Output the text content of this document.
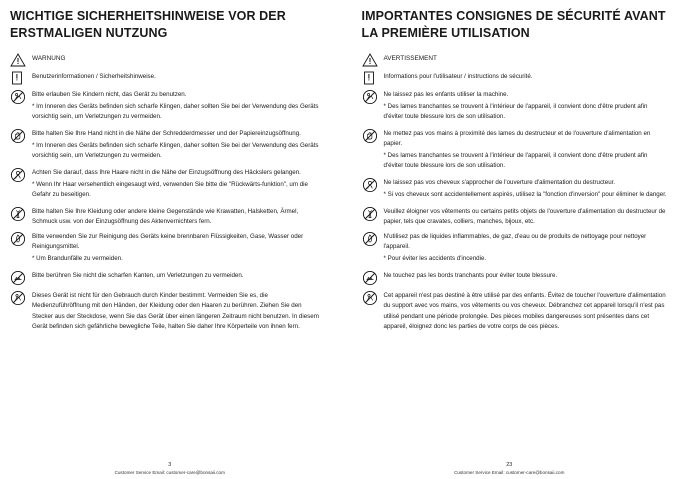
WICHTIGE SICHERHEITSHINWEISE VOR DER ERSTMALIGEN NUTZUNG
WARNUNG
Benutzerinformationen / Sicherheitshinweise.

Bitte erlauben Sie Kindern nicht, das Gerät zu benutzen.

* Im Inneren des Geräts befinden sich scharfe Klingen, daher sollten Sie bei der Verwendung des Geräts vorsichtig sein, um Verletzungen zu vermeiden.

Bitte halten Sie Ihre Hand nicht in die Nähe der Schredderdmesser und der Papiereinzugsöffnung.

* Im Inneren des Geräts befinden sich scharfe Klingen, daher sollten Sie bei der Verwendung des Geräts vorsichtig sein, um Verletzungen zu vermeiden.

Achten Sie darauf, dass Ihre Haare nicht in die Nähe der Einzugsöffnung des Häckslers gelangen.

* Wenn Ihr Haar versehentlich eingesaugt wird, verwenden Sie bitte die "Rückwärts-funktion", um die Gefahr zu beseitigen.

Bitte halten Sie Ihre Kleidung oder andere kleine Gegenstände wie Krawatten, Halsketten, Ärmel, Schmuck usw. von der Einzugsöffnung des Aktenvernichters fern.

Bitte verwenden Sie zur Reinigung des Geräts keine brennbaren Flüssigkeiten, Gase, Wasser oder Reinigungsmittel.

* Um Brandunfälle zu vermeiden.

Bitte berühren Sie nicht die scharfen Kanten, um Verletzungen zu vermeiden.
Dieses Gerät ist nicht für den Gebrauch durch Kinder bestimmt. Vermeiden Sie es, die Medienzuführöffnung mit den Händen, der Kleidung oder den Haaren zu berühren. Ziehen Sie den Stecker aus der Steckdose, wenn Sie das Gerät über einen längeren Zeitraum nicht benutzen. In diesem Gerät befinden sich gefährliche bewegliche Teile, halten Sie daher Ihre Körperteile von ihnen fern.
3
Customer Service Email: customer-care@bonsaii.com
IMPORTANTES CONSIGNES DE SÉCURITÉ AVANT LA PREMIÈRE UTILISATION
AVERTISSEMENT
Informations pour l'utilisateur / instructions de sécurité.

Ne laissez pas les enfants utiliser la machine.

* Des lames tranchantes se trouvent à l'intérieur de l'appareil, il convient donc d'être prudent afin d'éviter toute blessure lors de son utilisation.

Ne mettez pas vos mains à proximité des lames du destructeur et de l'ouverture d'alimentation en papier.

* Des lames tranchantes se trouvent à l'intérieur de l'appareil, il convient donc d'être prudent afin d'éviter toute blessure lors de son utilisation.

Ne laissez pas vos cheveux s'approcher de l'ouverture d'alimentation du destructeur.

* Si vos cheveux sont accidentellement aspirés, utilisez la "fonction d'inversion" pour éliminer le danger.

Veuillez éloigner vos vêtements ou certains petits objets de l'ouverture d'alimentation du destructeur de papier, tels que cravates, colliers, manches, bijoux, etc.

N'utilisez pas de liquides inflammables, de gaz, d'eau ou de produits de nettoyage pour nettoyer l'appareil.

* Pour éviter les accidents d'incendie.

Ne touchez pas les bords tranchants pour éviter toute blessure.
Cet appareil n'est pas destiné à être utilisé par des enfants. Évitez de toucher l'ouverture d'alimentation du support avec vos mains, vos vêtements ou vos cheveux. Débranchez cet appareil lorsqu'il n'est pas utilisé pendant une période prolongée. Des pièces mobiles dangereuses sont présentes dans cet appareil, éloignez donc les parties de votre corps de ces pièces.
23
Customer Service Email: customer-care@bonsaii.com
